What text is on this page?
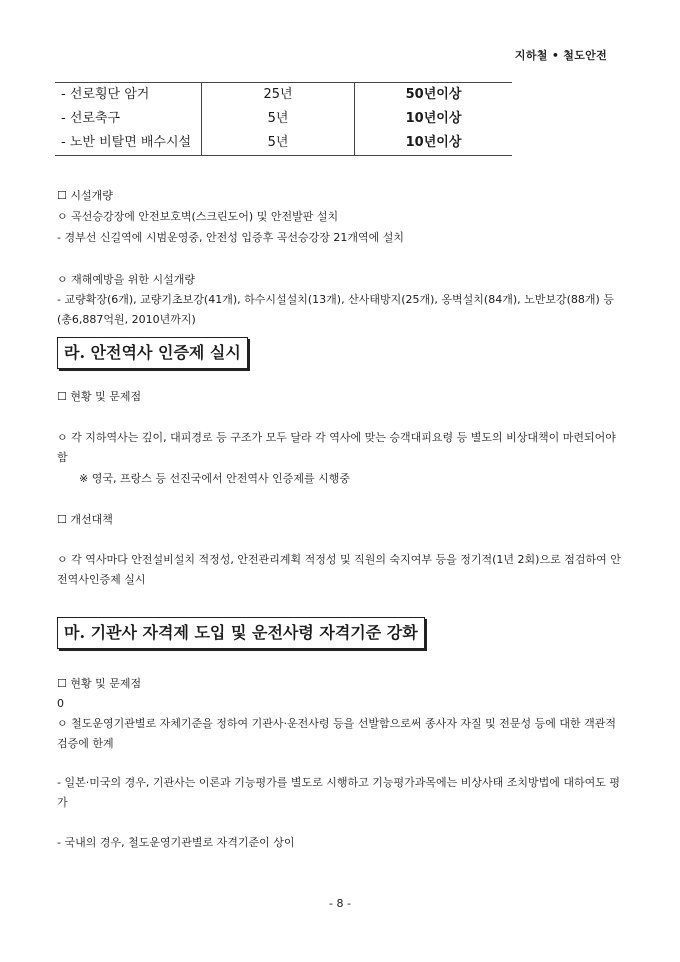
지하철 • 철도안전
- 선로횡단 암거	25년	50년이상
- 선로축구	5년	10년이상
- 노반 비탈면 배수시설	5년	10년이상
☐ 시설개량
ㅇ 곡선승강장에 안전보호벽(스크린도어) 및 안전발판 설치
- 경부선 신길역에 시범운영중, 안전성 입증후 곡선승강장 21개역에 설치
ㅇ 재해예방을 위한 시설개량
- 교량확장(6개), 교량기초보강(41개), 하수시설설치(13개), 산사태방지(25개), 옹벽설치(84개), 노반보강(88개) 등 (총6,887억원, 2010년까지)
라. 안전역사 인증제 실시
☐ 현황 및 문제점
ㅇ 각 지하역사는 깊이, 대피경로 등 구조가 모두 달라 각 역사에 맞는 승객대피요령 등 별도의 비상대책이 마련되어야 함
※ 영국, 프랑스 등 선진국에서 안전역사 인증제를 시행중
☐ 개선대책
ㅇ 각 역사마다 안전설비설치 적정성, 안전관리계획 적정성 및 직원의 숙지여부 등을 정기적(1년 2회)으로 점검하여 안전역사인증제 실시
마. 기관사 자격제 도입 및 운전사령 자격기준 강화
☐ 현황 및 문제점
0
ㅇ 철도운영기관별로 자체기준을 정하여 기관사·운전사령 등을 선발함으로써 종사자 자질 및 전문성 등에 대한 객관적 검증에 한계
- 일본·미국의 경우, 기관사는 이론과 기능평가를 별도로 시행하고 기능평가과목에는 비상사태 조치방법에 대하여도 평가
- 국내의 경우, 철도운영기관별로 자격기준이 상이
- 8 -
